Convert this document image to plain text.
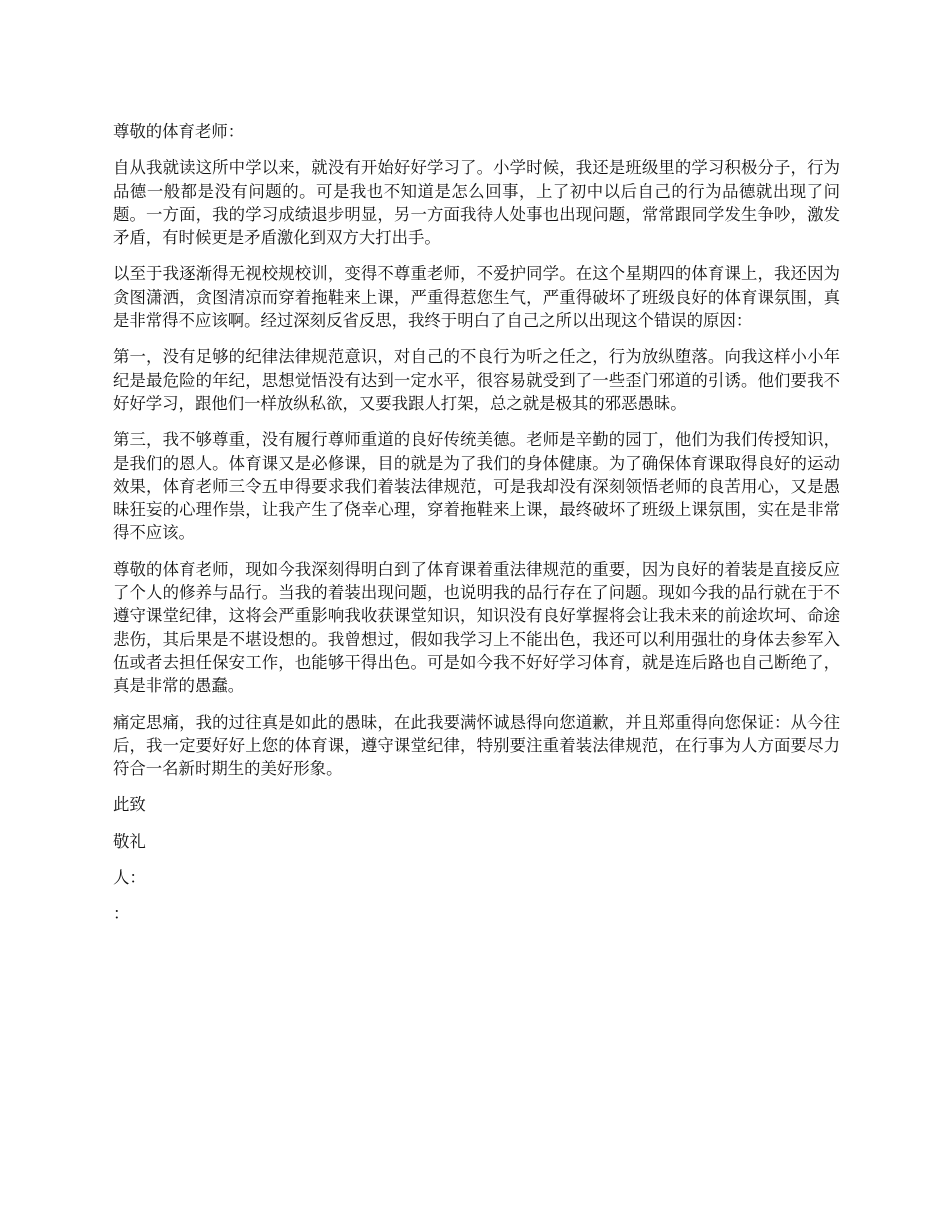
尊敬的体育老师：

自从我就读这所中学以来，就没有开始好好学习了。小学时候，我还是班级里的学习积极分子，行为品德一般都是没有问题的。可是我也不知道是怎么回事，上了初中以后自己的行为品德就出现了问题。一方面，我的学习成绩退步明显，另一方面我待人处事也出现问题，常常跟同学发生争吵，激发矛盾，有时候更是矛盾激化到双方大打出手。

以至于我逐渐得无视校规校训，变得不尊重老师，不爱护同学。在这个星期四的体育课上，我还因为贪图潇洒，贪图清凉而穿着拖鞋来上课，严重得惹您生气，严重得破坏了班级良好的体育课氛围，真是非常得不应该啊。经过深刻反省反思，我终于明白了自己之所以出现这个错误的原因：

第一，没有足够的纪律法律规范意识，对自己的不良行为听之任之，行为放纵堕落。向我这样小小年纪是最危险的年纪，思想觉悟没有达到一定水平，很容易就受到了一些歪门邪道的引诱。他们要我不好好学习，跟他们一样放纵私欲，又要我跟人打架，总之就是极其的邪恶愚昧。

第三，我不够尊重，没有履行尊师重道的良好传统美德。老师是辛勤的园丁，他们为我们传授知识，是我们的恩人。体育课又是必修课，目的就是为了我们的身体健康。为了确保体育课取得良好的运动效果，体育老师三令五申得要求我们着装法律规范，可是我却没有深刻领悟老师的良苦用心，又是愚昧狂妄的心理作祟，让我产生了侥幸心理，穿着拖鞋来上课，最终破坏了班级上课氛围，实在是非常得不应该。

尊敬的体育老师，现如今我深刻得明白到了体育课着重法律规范的重要，因为良好的着装是直接反应了个人的修养与品行。当我的着装出现问题，也说明我的品行存在了问题。现如今我的品行就在于不遵守课堂纪律，这将会严重影响我收获课堂知识，知识没有良好掌握将会让我未来的前途坎坷、命途悲伤，其后果是不堪设想的。我曾想过，假如我学习上不能出色，我还可以利用强壮的身体去参军入伍或者去担任保安工作，也能够干得出色。可是如今我不好好学习体育，就是连后路也自己断绝了，真是非常的愚蠢。

痛定思痛，我的过往真是如此的愚昧，在此我要满怀诚恳得向您道歉，并且郑重得向您保证：从今往后，我一定要好好上您的体育课，遵守课堂纪律，特别要注重着装法律规范，在行事为人方面要尽力符合一名新时期生的美好形象。

此致

敬礼

人：

：
